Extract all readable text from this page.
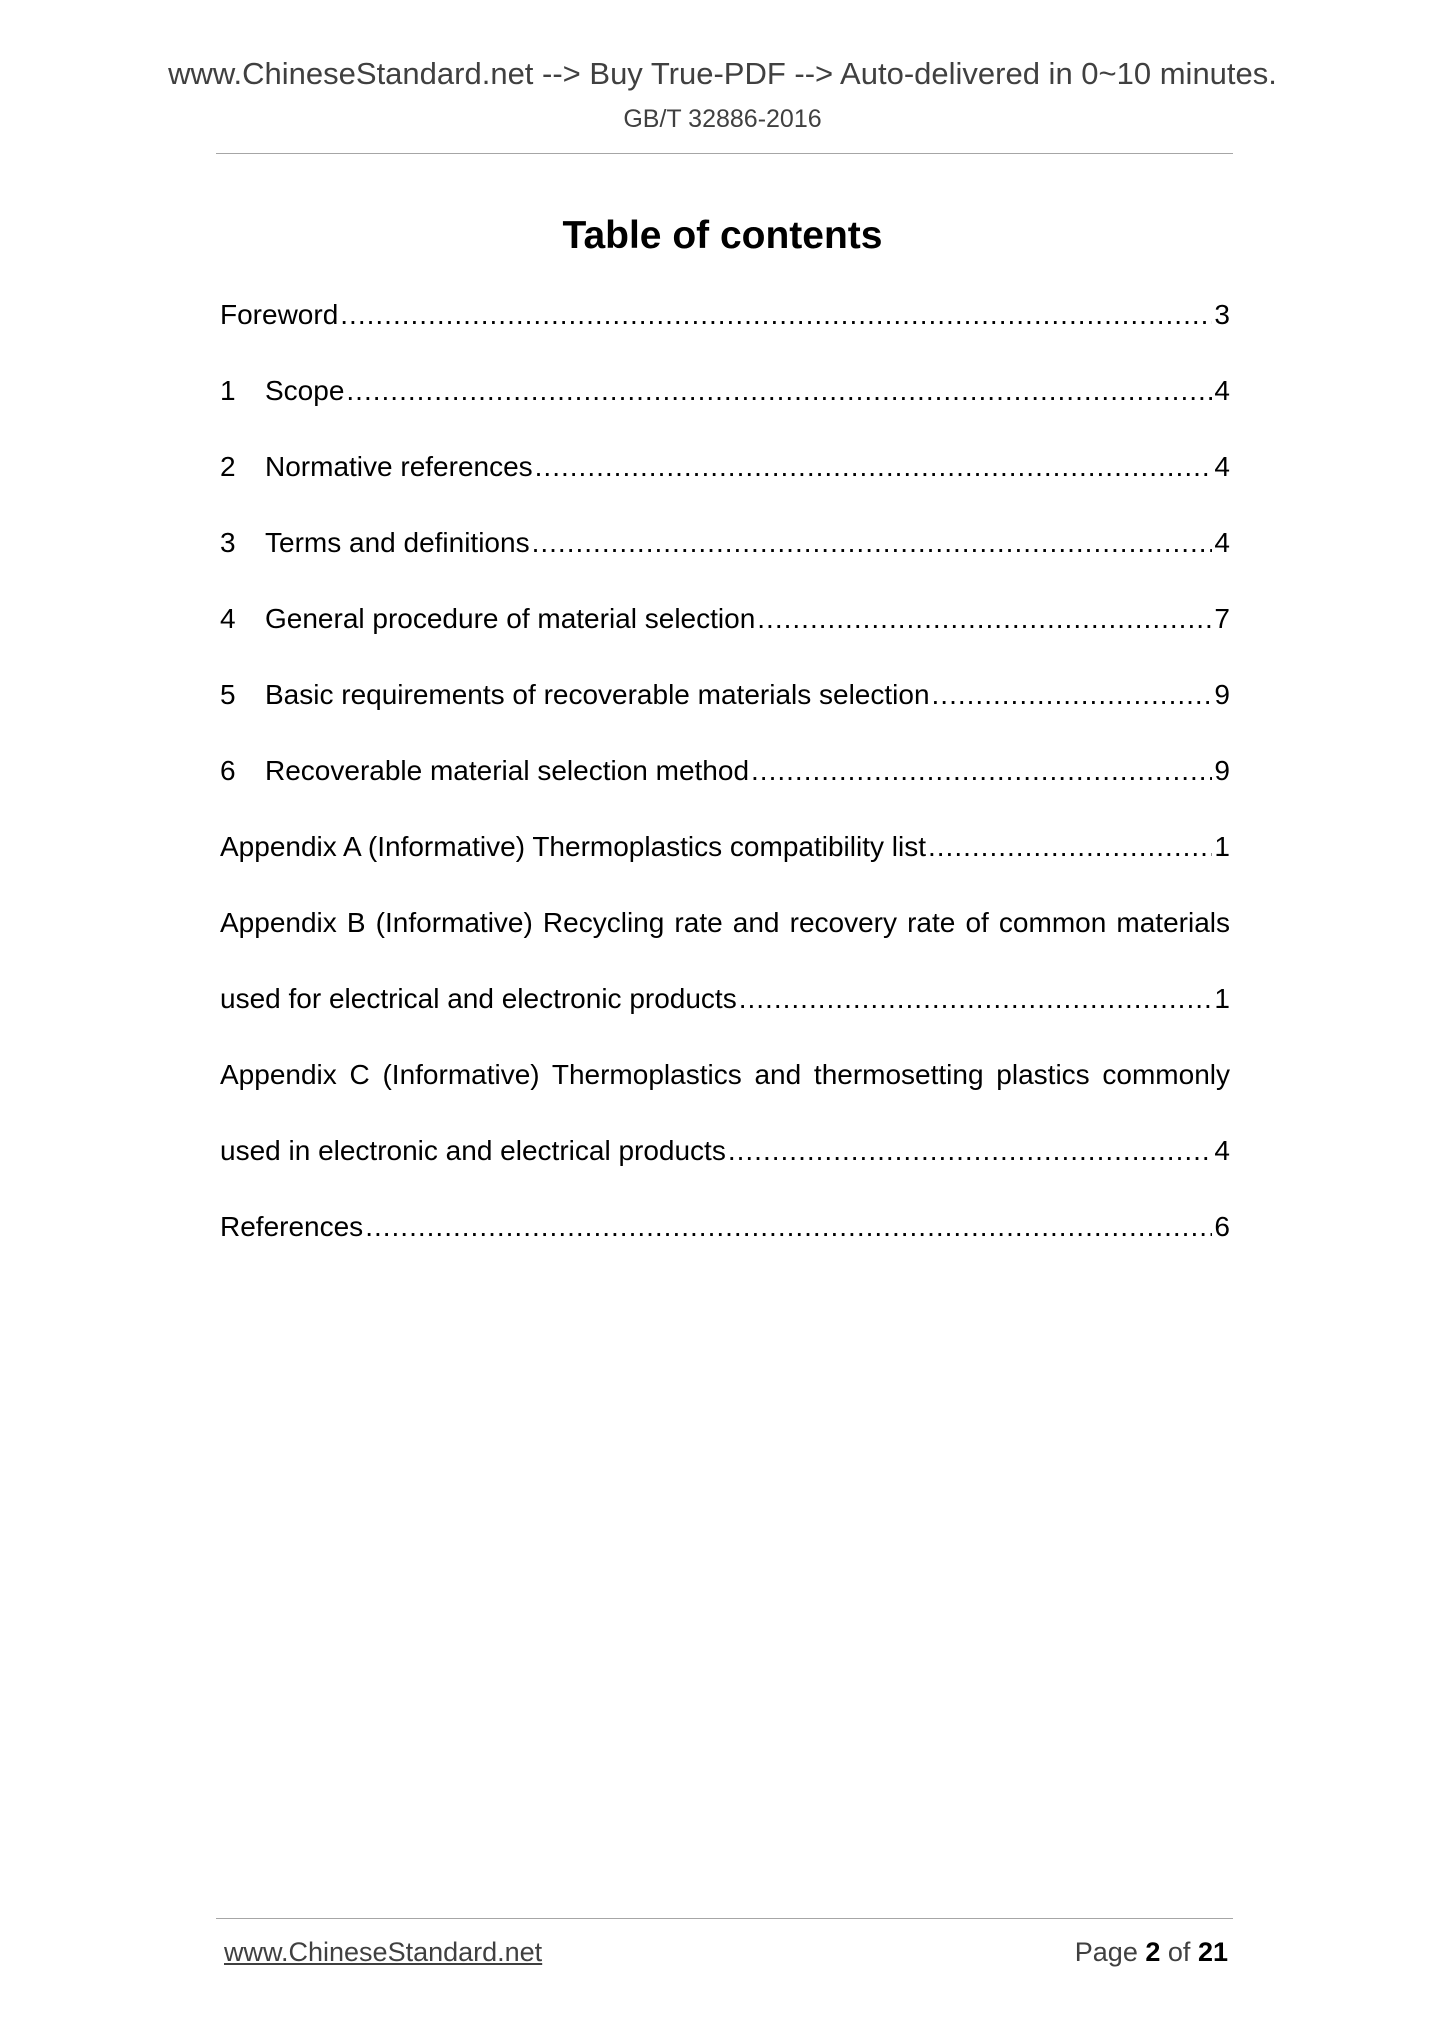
www.ChineseStandard.net --> Buy True-PDF --> Auto-delivered in 0~10 minutes.
GB/T 32886-2016
Table of contents
Foreword .....	3
1	Scope .....	4
2	Normative references .....	4
3	Terms and definitions .....	4
4	General procedure of material selection .....	7
5	Basic requirements of recoverable materials selection .....	9
6	Recoverable material selection method .....	9
Appendix A (Informative) Thermoplastics compatibility list .....	1
Appendix B (Informative) Recycling rate and recovery rate of common materials
used for electrical and electronic products .....	1
Appendix C (Informative) Thermoplastics and thermosetting plastics commonly
used in electronic and electrical products .....	4
References .....	6
www.ChineseStandard.net	Page 2 of 21
